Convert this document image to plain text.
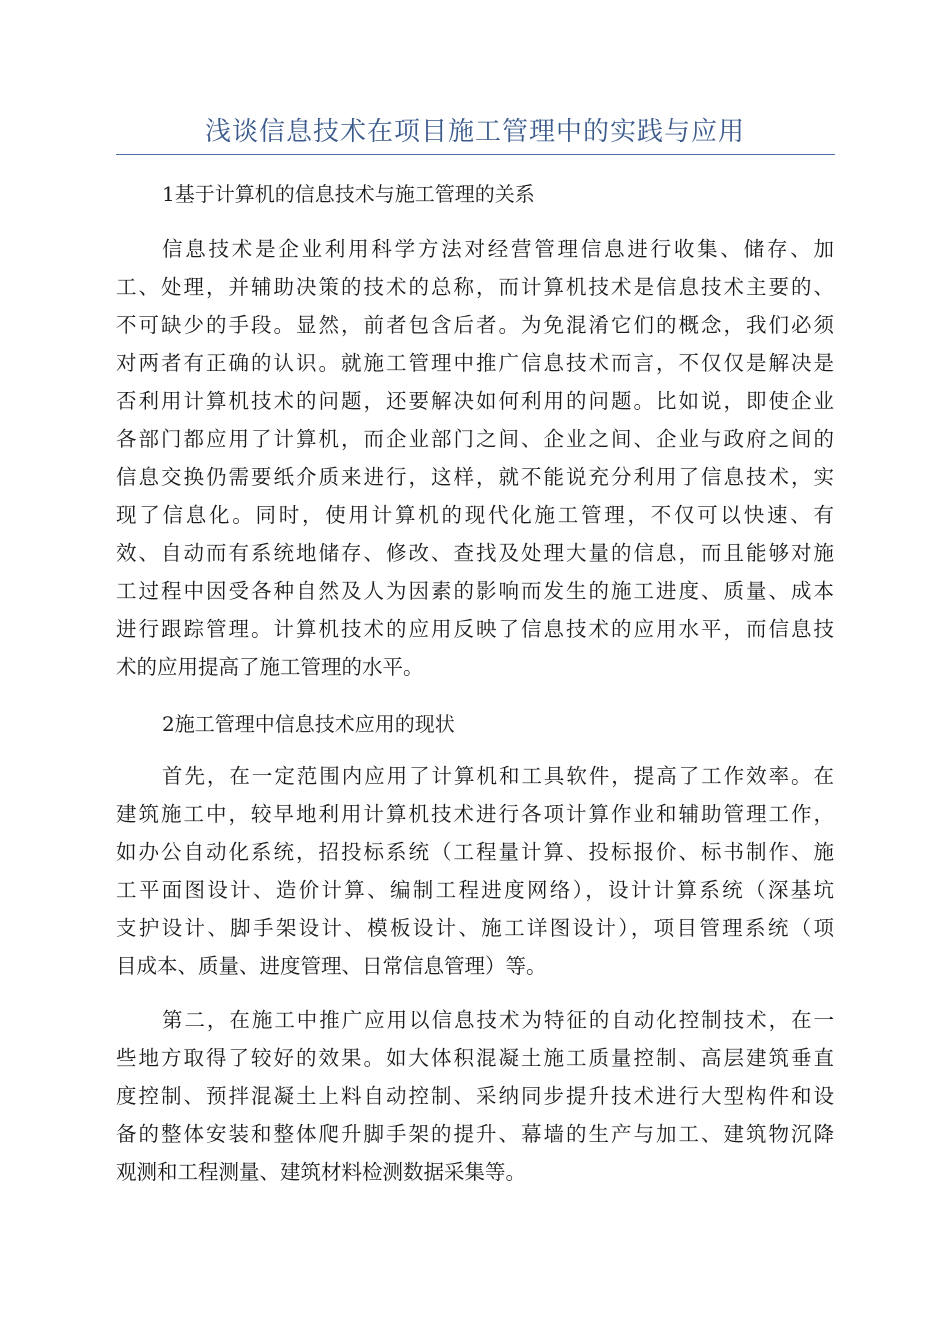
浅谈信息技术在项目施工管理中的实践与应用
1基于计算机的信息技术与施工管理的关系
信息技术是企业利用科学方法对经营管理信息进行收集、储存、加
工、处理，并辅助决策的技术的总称，而计算机技术是信息技术主要的、
不可缺少的手段。显然，前者包含后者。为免混淆它们的概念，我们必须
对两者有正确的认识。就施工管理中推广信息技术而言，不仅仅是解决是
否利用计算机技术的问题，还要解决如何利用的问题。比如说，即使企业
各部门都应用了计算机，而企业部门之间、企业之间、企业与政府之间的
信息交换仍需要纸介质来进行，这样，就不能说充分利用了信息技术，实
现了信息化。同时，使用计算机的现代化施工管理，不仅可以快速、有
效、自动而有系统地储存、修改、查找及处理大量的信息，而且能够对施
工过程中因受各种自然及人为因素的影响而发生的施工进度、质量、成本
进行跟踪管理。计算机技术的应用反映了信息技术的应用水平，而信息技
术的应用提高了施工管理的水平。
2施工管理中信息技术应用的现状
首先，在一定范围内应用了计算机和工具软件，提高了工作效率。在
建筑施工中，较早地利用计算机技术进行各项计算作业和辅助管理工作，
如办公自动化系统，招投标系统（工程量计算、投标报价、标书制作、施
工平面图设计、造价计算、编制工程进度网络），设计计算系统（深基坑
支护设计、脚手架设计、模板设计、施工详图设计），项目管理系统（项
目成本、质量、进度管理、日常信息管理）等。
第二，在施工中推广应用以信息技术为特征的自动化控制技术，在一
些地方取得了较好的效果。如大体积混凝土施工质量控制、高层建筑垂直
度控制、预拌混凝土上料自动控制、采纳同步提升技术进行大型构件和设
备的整体安装和整体爬升脚手架的提升、幕墙的生产与加工、建筑物沉降
观测和工程测量、建筑材料检测数据采集等。
